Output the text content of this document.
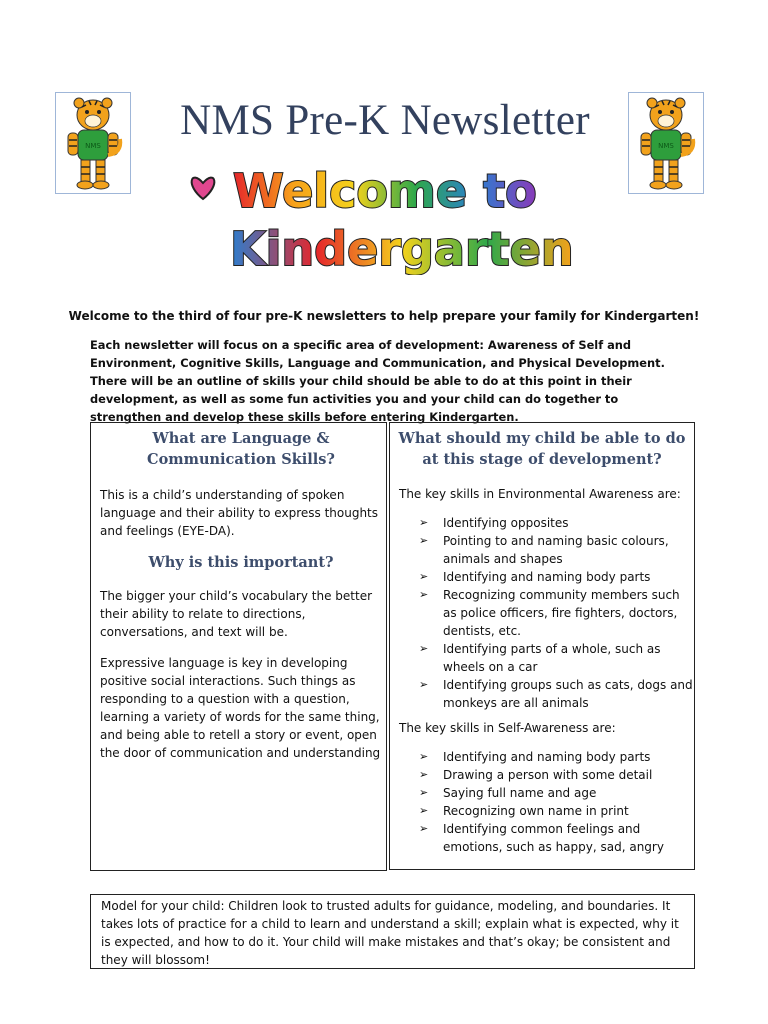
NMS	NMS
NMS Pre-K Newsletter
Welcome to
Kindergarten
Welcome to the third of four pre-K newsletters to help prepare your family for Kindergarten!

Each newsletter will focus on a specific area of development: Awareness of Self and Environment, Cognitive Skills, Language and Communication, and Physical Development. There will be an outline of skills your child should be able to do at this point in their development, as well as some fun activities you and your child can do together to strengthen and develop these skills before entering Kindergarten.

What are Language & Communication Skills?

This is a child’s understanding of spoken language and their ability to express thoughts and feelings (EYE-DA).

Why is this important?

The bigger your child’s vocabulary the better their ability to relate to directions, conversations, and text will be.

Expressive language is key in developing positive social interactions. Such things as responding to a question with a question, learning a variety of words for the same thing, and being able to retell a story or event, open the door of communication and understanding

What should my child be able to do at this stage of development?

The key skills in Environmental Awareness are:

➢ Identifying opposites
➢ Pointing to and naming basic colours, animals and shapes
➢ Identifying and naming body parts
➢ Recognizing community members such as police officers, fire fighters, doctors, dentists, etc.
➢ Identifying parts of a whole, such as wheels on a car
➢ Identifying groups such as cats, dogs and monkeys are all animals

The key skills in Self-Awareness are:

➢ Identifying and naming body parts
➢ Drawing a person with some detail
➢ Saying full name and age
➢ Recognizing own name in print
➢ Identifying common feelings and emotions, such as happy, sad, angry

Model for your child: Children look to trusted adults for guidance, modeling, and boundaries. It takes lots of practice for a child to learn and understand a skill; explain what is expected, why it is expected, and how to do it. Your child will make mistakes and that’s okay; be consistent and they will blossom!
